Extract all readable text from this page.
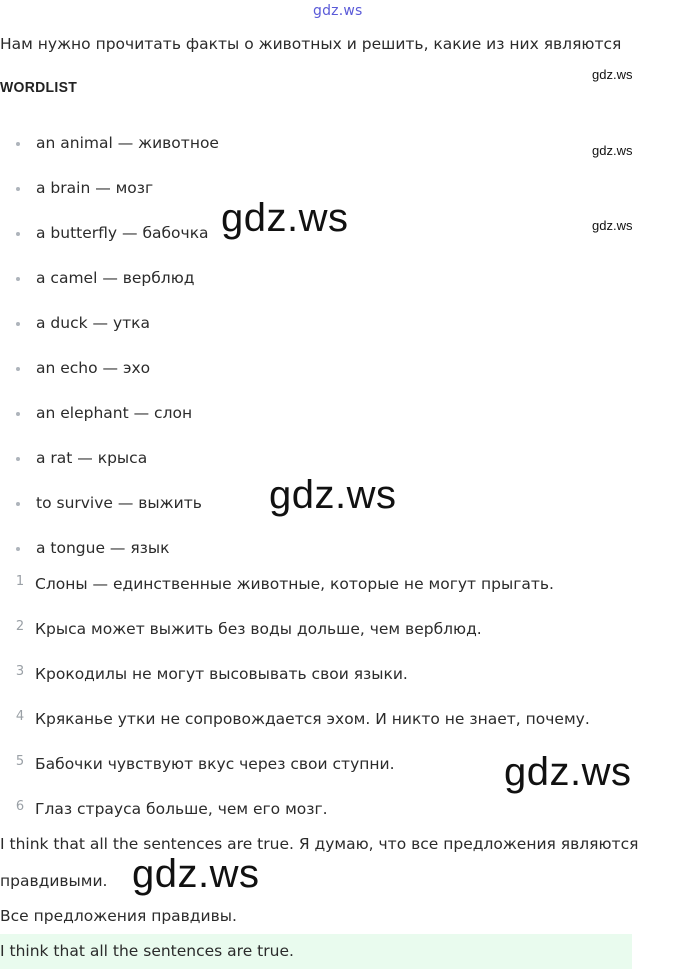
gdz.ws
Нам нужно прочитать факты о животных и решить, какие из них являются
WORDLIST
an animal — животное
a brain — мозг
a butterfly — бабочка
a camel — верблюд
a duck — утка
an echo — эхо
an elephant — слон
a rat — крыса
to survive — выжить
a tongue — язык
1 Слоны — единственные животные, которые не могут прыгать.
2 Крыса может выжить без воды дольше, чем верблюд.
3 Крокодилы не могут высовывать свои языки.
4 Кряканье утки не сопровождается эхом. И никто не знает, почему.
5 Бабочки чувствуют вкус через свои ступни.
6 Глаз страуса больше, чем его мозг.
I think that all the sentences are true. Я думаю, что все предложения являются
правдивыми.
Все предложения правдивы.
I think that all the sentences are true.
gdz.ws
gdz.ws
gdz.ws
gdz.ws
gdz.ws
gdz.ws
gdz.ws
